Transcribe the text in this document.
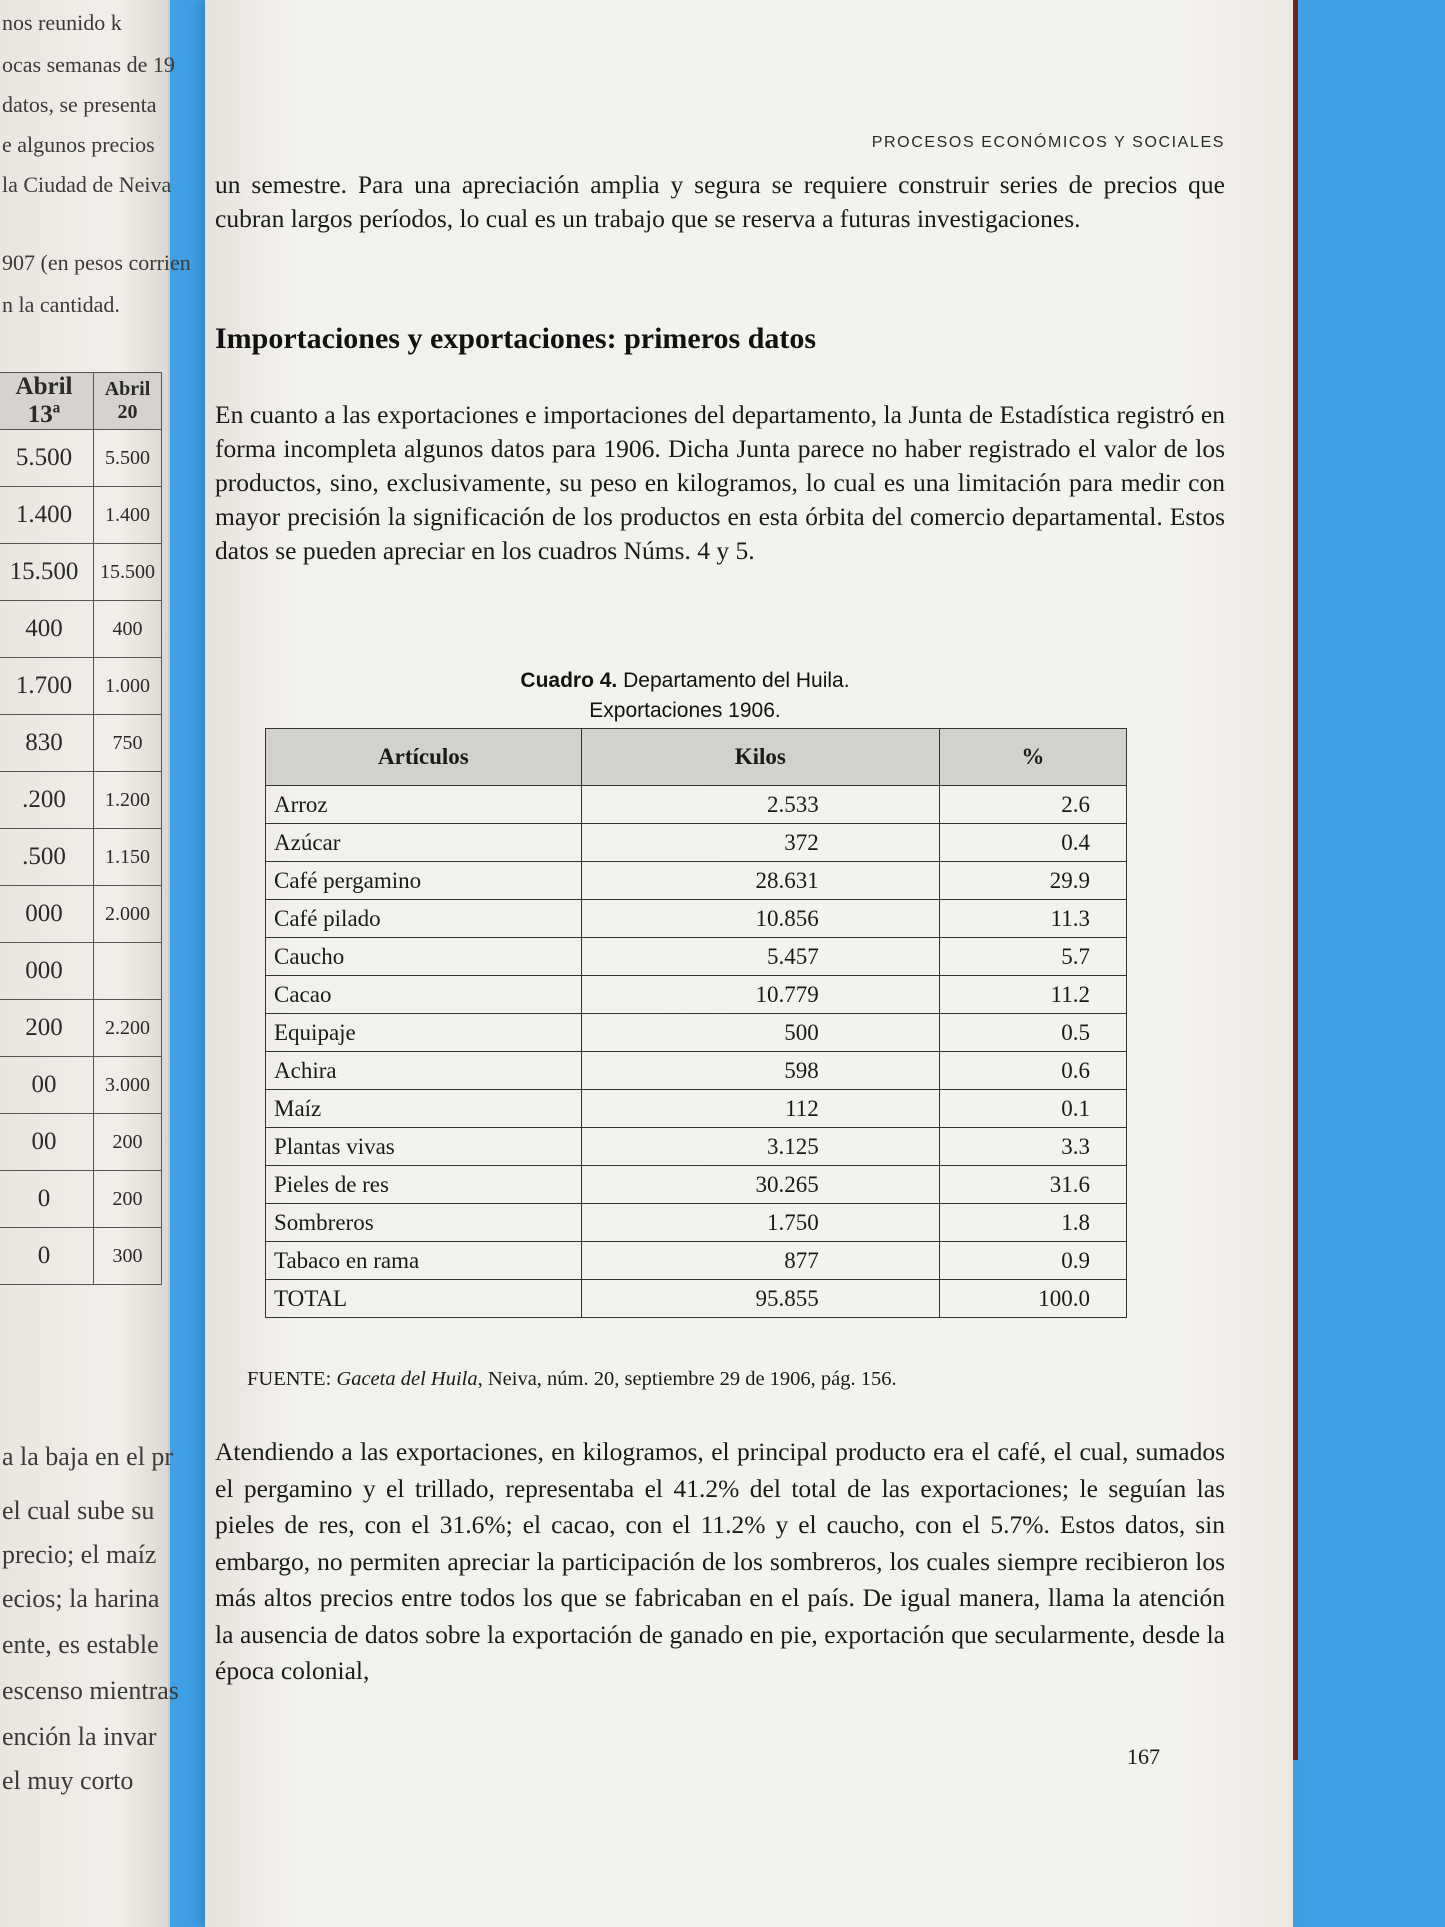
nos reunido k
ocas semanas de 19
datos, se presenta
e algunos precios
la Ciudad de Neiva
907 (en pesos corrien
n la cantidad.
a la baja en el pr
el cual sube su
precio; el maíz
ecios; la harina
ente, es estable
escenso mientras
ención la invar
el muy corto
Abril 13ª	Abril 20
5.500	5.500
1.400	1.400
15.500	15.500
400	400
1.700	1.000
830	750
.200	1.200
.500	1.150
000	2.000
000	
200	2.200
00	3.000
00	200
0	200
0	300
PROCESOS ECONÓMICOS Y SOCIALES
un semestre. Para una apreciación amplia y segura se requiere construir series de precios que cubran largos períodos, lo cual es un trabajo que se reserva a futuras investigaciones.
Importaciones y exportaciones: primeros datos
En cuanto a las exportaciones e importaciones del departamento, la Junta de Estadística registró en forma incompleta algunos datos para 1906. Dicha Junta parece no haber registrado el valor de los productos, sino, exclusivamente, su peso en kilogramos, lo cual es una limitación para medir con mayor precisión la significación de los productos en esta órbita del comercio departamental. Estos datos se pueden apreciar en los cuadros Núms. 4 y 5.
Cuadro 4. Departamento del Huila.
Exportaciones 1906.
Artículos	Kilos	%
Arroz	2.533	2.6
Azúcar	372	0.4
Café pergamino	28.631	29.9
Café pilado	10.856	11.3
Caucho	5.457	5.7
Cacao	10.779	11.2
Equipaje	500	0.5
Achira	598	0.6
Maíz	112	0.1
Plantas vivas	3.125	3.3
Pieles de res	30.265	31.6
Sombreros	1.750	1.8
Tabaco en rama	877	0.9
TOTAL	95.855	100.0
FUENTE: Gaceta del Huila, Neiva, núm. 20, septiembre 29 de 1906, pág. 156.
Atendiendo a las exportaciones, en kilogramos, el principal producto era el café, el cual, sumados el pergamino y el trillado, representaba el 41.2% del total de las exportaciones; le seguían las pieles de res, con el 31.6%; el cacao, con el 11.2% y el caucho, con el 5.7%. Estos datos, sin embargo, no permiten apreciar la participación de los sombreros, los cuales siempre recibieron los más altos precios entre todos los que se fabricaban en el país. De igual manera, llama la atención la ausencia de datos sobre la exportación de ganado en pie, exportación que secularmente, desde la época colonial,
167
